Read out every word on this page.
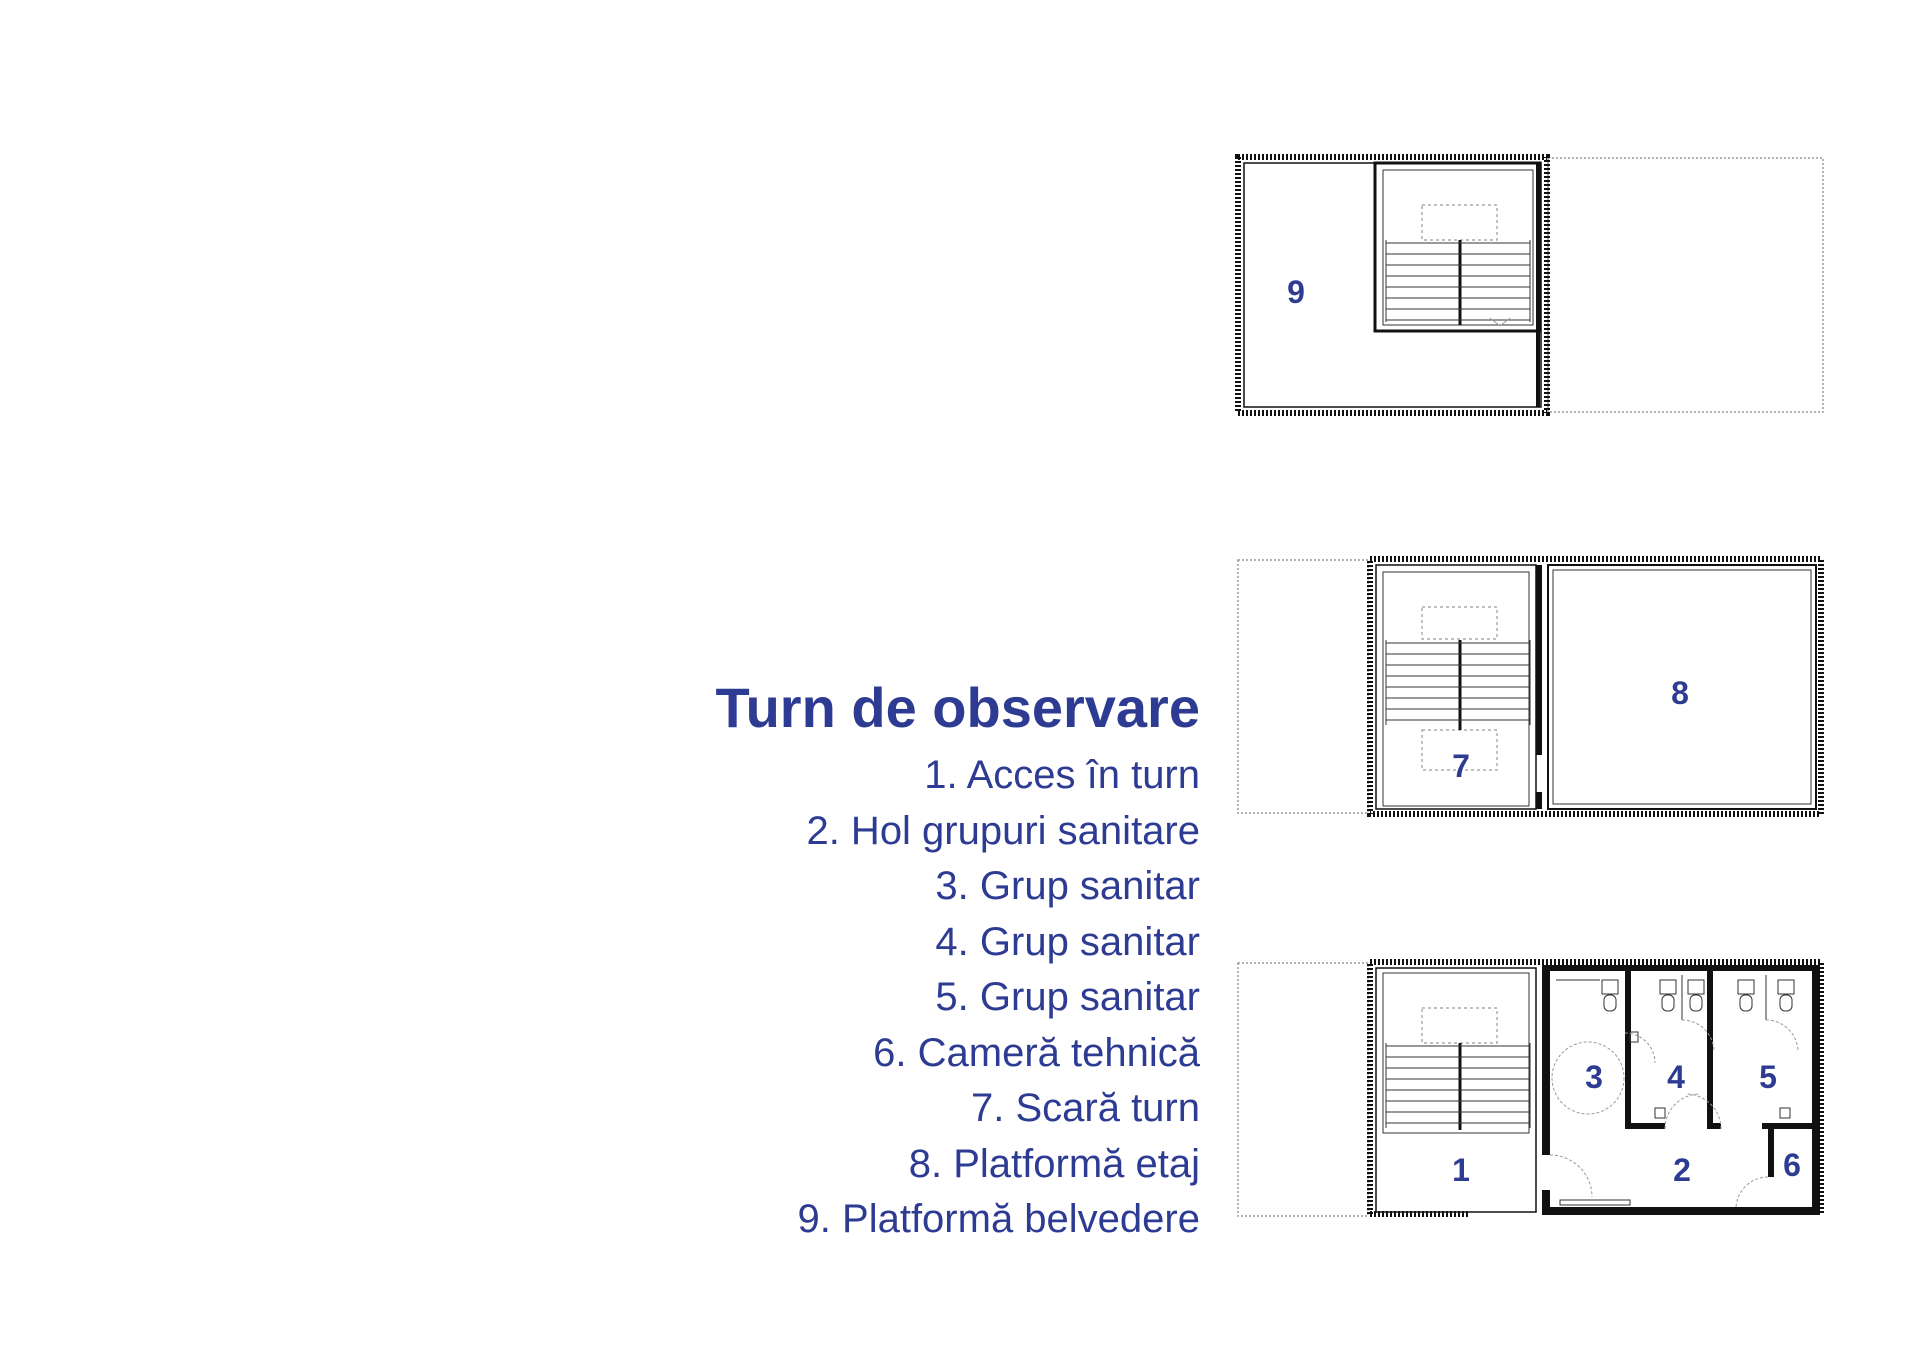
Turn de observare
1. Acces în turn
2. Hol grupuri sanitare
3. Grup sanitar
4. Grup sanitar
5. Grup sanitar
6. Cameră tehnică
7. Scară turn
8. Platformă etaj
9. Platformă belvedere
9
7
8
1	2
3 4 5
6
